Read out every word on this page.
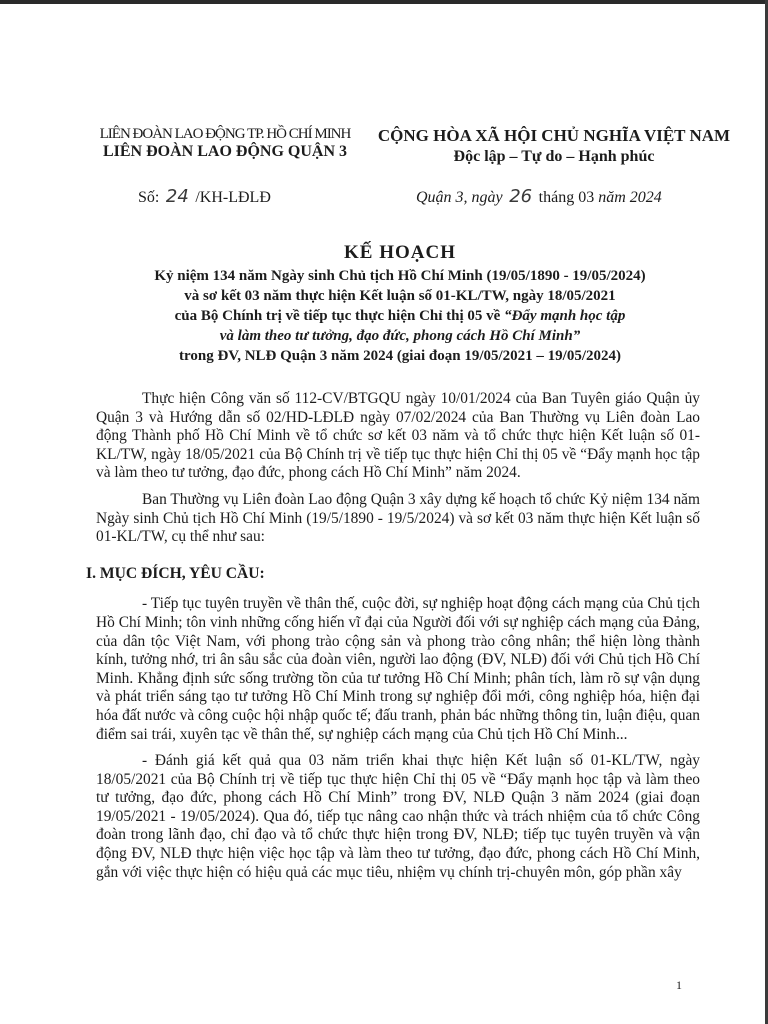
LIÊN ĐOÀN LAO ĐỘNG TP. HỒ CHÍ MINH
LIÊN ĐOÀN LAO ĐỘNG QUẬN 3
CỘNG HÒA XÃ HỘI CHỦ NGHĨA VIỆT NAM
Độc lập – Tự do – Hạnh phúc
Số: 24 /KH-LĐLĐ	Quận 3, ngày 26 tháng 03 năm 2024
KẾ HOẠCH
Kỷ niệm 134 năm Ngày sinh Chủ tịch Hồ Chí Minh (19/05/1890 - 19/05/2024)
và sơ kết 03 năm thực hiện Kết luận số 01-KL/TW, ngày 18/05/2021
của Bộ Chính trị về tiếp tục thực hiện Chỉ thị 05 về “Đẩy mạnh học tập
và làm theo tư tưởng, đạo đức, phong cách Hồ Chí Minh”
trong ĐV, NLĐ Quận 3 năm 2024 (giai đoạn 19/05/2021 – 19/05/2024)

Thực hiện Công văn số 112-CV/BTGQU ngày 10/01/2024 của Ban Tuyên giáo Quận ủy Quận 3 và Hướng dẫn số 02/HD-LĐLĐ ngày 07/02/2024 của Ban Thường vụ Liên đoàn Lao động Thành phố Hồ Chí Minh về tổ chức sơ kết 03 năm và tổ chức thực hiện Kết luận số 01-KL/TW, ngày 18/05/2021 của Bộ Chính trị về tiếp tục thực hiện Chỉ thị 05 về “Đẩy mạnh học tập và làm theo tư tưởng, đạo đức, phong cách Hồ Chí Minh” năm 2024.

Ban Thường vụ Liên đoàn Lao động Quận 3 xây dựng kế hoạch tổ chức Kỷ niệm 134 năm Ngày sinh Chủ tịch Hồ Chí Minh (19/5/1890 - 19/5/2024) và sơ kết 03 năm thực hiện Kết luận số 01-KL/TW, cụ thể như sau:

I. MỤC ĐÍCH, YÊU CẦU:

- Tiếp tục tuyên truyền về thân thế, cuộc đời, sự nghiệp hoạt động cách mạng của Chủ tịch Hồ Chí Minh; tôn vinh những cống hiến vĩ đại của Người đối với sự nghiệp cách mạng của Đảng, của dân tộc Việt Nam, với phong trào cộng sản và phong trào công nhân; thể hiện lòng thành kính, tưởng nhớ, tri ân sâu sắc của đoàn viên, người lao động (ĐV, NLĐ) đối với Chủ tịch Hồ Chí Minh. Khẳng định sức sống trường tồn của tư tưởng Hồ Chí Minh; phân tích, làm rõ sự vận dụng và phát triển sáng tạo tư tưởng Hồ Chí Minh trong sự nghiệp đổi mới, công nghiệp hóa, hiện đại hóa đất nước và công cuộc hội nhập quốc tế; đấu tranh, phản bác những thông tin, luận điệu, quan điểm sai trái, xuyên tạc về thân thế, sự nghiệp cách mạng của Chủ tịch Hồ Chí Minh...

- Đánh giá kết quả qua 03 năm triển khai thực hiện Kết luận số 01-KL/TW, ngày 18/05/2021 của Bộ Chính trị về tiếp tục thực hiện Chỉ thị 05 về “Đẩy mạnh học tập và làm theo tư tưởng, đạo đức, phong cách Hồ Chí Minh” trong ĐV, NLĐ Quận 3 năm 2024 (giai đoạn 19/05/2021 - 19/05/2024). Qua đó, tiếp tục nâng cao nhận thức và trách nhiệm của tổ chức Công đoàn trong lãnh đạo, chỉ đạo và tổ chức thực hiện trong ĐV, NLĐ; tiếp tục tuyên truyền và vận động ĐV, NLĐ thực hiện việc học tập và làm theo tư tưởng, đạo đức, phong cách Hồ Chí Minh, gắn với việc thực hiện có hiệu quả các mục tiêu, nhiệm vụ chính trị-chuyên môn, góp phần xây

1
